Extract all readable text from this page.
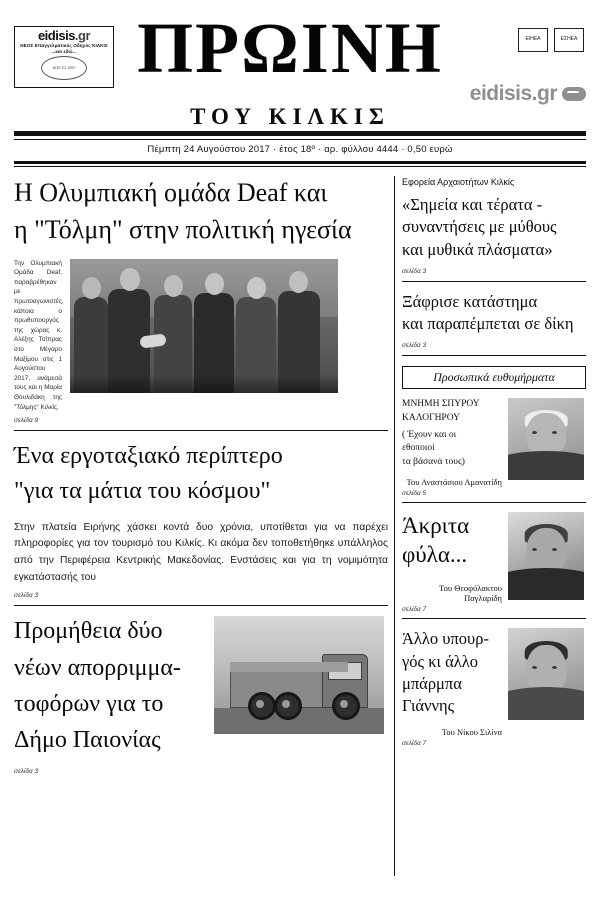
eidisis.gr
ΝΕΟΣ Επαγγελματικός Οδηγός ΚΙΛΚΙΣ ...και εδώ...
ΑΠΟ ΤΟ 1997 ΠΡΩΙΝΗ
ΤΟΥ ΚΙΛΚΙΣ
ΕΙΗΕΑ	ΕΣΗΕΑ
eidisis.gr
Πέμπτη 24 Αυγούστου 2017 · έτος 18º · αρ. φύλλου 4444 · 0,50 ευρώ
Η Ολυμπιακή ομάδα Deaf και
η "Τόλμη" στην πολιτική ηγεσία
Την Ολυμπιακή Ομάδα Deaf, παραβρέθηκαν με πρωτοαγωνιστές, κάποια ο πρωθυπουργός της χώρας κ. Αλέξης Τσίπρας στο Μέγαρο Μαξίμου στις 1 Αυγούστου 2017, ανάμεσά τους και η Μαρία Θουλιδάκη της "Τόλμης" Κιλκίς.
σελίδα 9
Ένα εργοταξιακό περίπτερο
"για τα μάτια του κόσμου"
Στην πλατεία Ειρήνης χάσκει κοντά δυο χρόνια, υποτίθεται για να παρέχει πληροφορίες για τον τουρισμό του Κιλκίς. Κι ακόμα δεν τοποθετήθηκε υπάλληλος από την Περιφέρεια Κεντρικής Μακεδονίας. Ενστάσεις και για τη νομιμότητα εγκατάστασής του
σελίδα 3
Προμήθεια δύο
νέων απορριμμα-
τοφόρων για το
Δήμο Παιονίας
σελίδα 3
Εφορεία Αρχαιοτήτων Κιλκίς
«Σημεία και τέρατα -
συναντήσεις με μύθους
και μυθικά πλάσματα»
σελίδα 3
Ξάφρισε κατάστημα
και παραπέμπεται σε δίκη
σελίδα 3
Προσωπικά ευθυμήρματα
ΜΝΗΜΗ ΣΠΥΡΟΥ
ΚΑΛΟΓΗΡΟΥ
( Έχουν και οι
εθοποιοί
τα βάσανά τους)
Του Αναστάσιου Αμανατίδη
σελίδα 5
Άκριτα
φύλα...
Του Θεοφύλακτου Παγλαρίδη
σελίδα 7
Άλλο υπουρ-
γός κι άλλο
μπάρμπα
Γιάννης
Του Νίκου Σιλίνα
σελίδα 7
